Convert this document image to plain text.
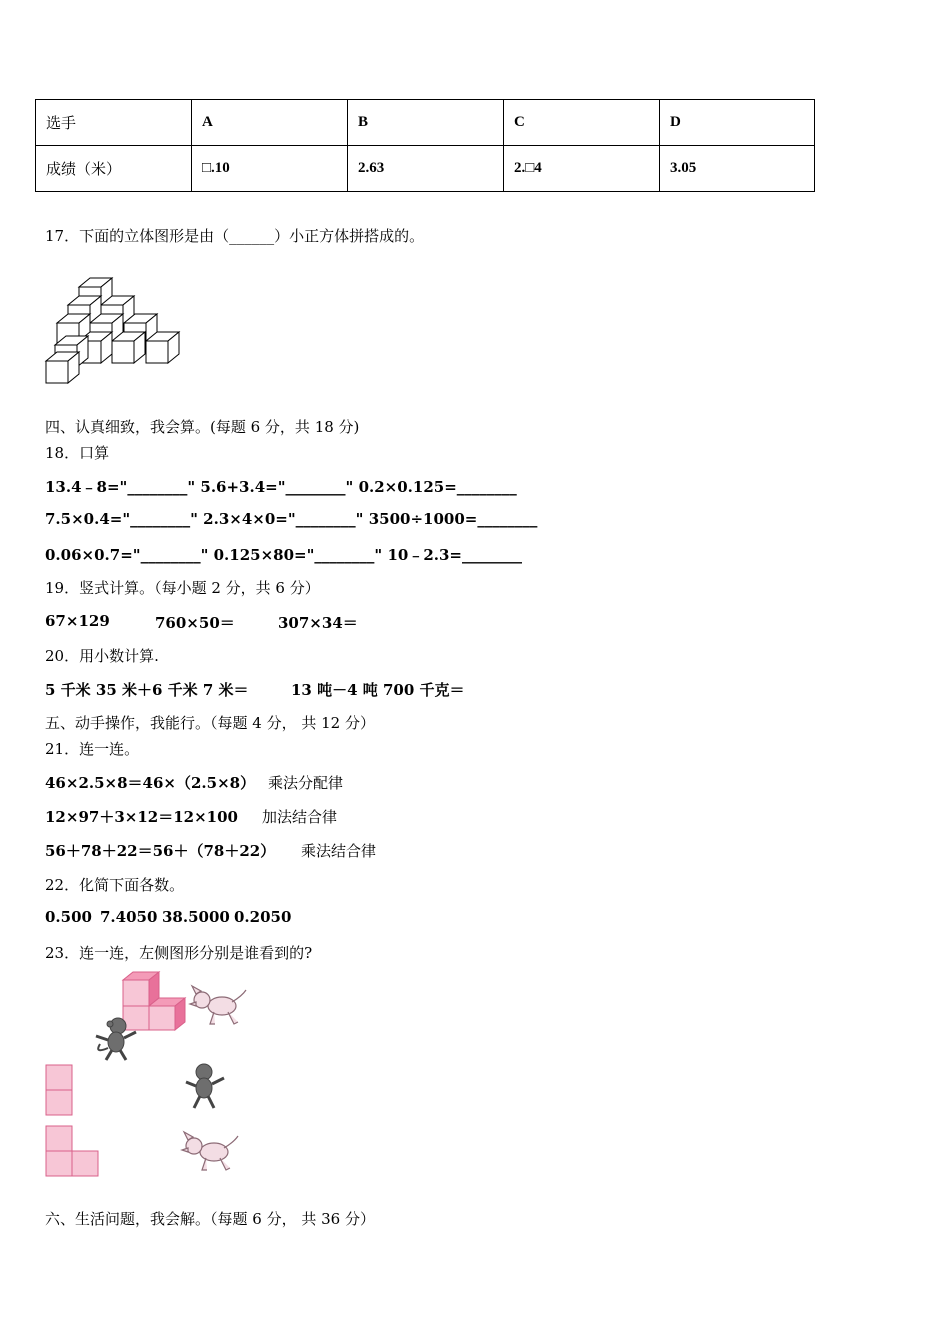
选手	A	B	C	D
成绩（米）	□.10	2.63	2.□4	3.05
17．下面的立体图形是由（______）小正方体拼搭成的。
四、认真细致，我会算。(每题 6 分，共 18 分)
18．口算
13.4﹣8="________" 5.6+3.4="________" 0.2×0.125=________
7.5×0.4="________" 2.3×4×0="________" 3500÷1000=________
0.06×0.7="________" 0.125×80="________" 10﹣2.3=________
19．竖式计算。（每小题 2 分，共 6 分）
67×129	760×50＝	307×34＝
20．用小数计算.
5 千米 35 米＋6 千米 7 米＝	13 吨－4 吨 700 千克＝
五、动手操作，我能行。（每题 4 分， 共 12 分）
21．连一连。
46×2.5×8＝46×（2.5×8） 乘法分配律
12×97＋3×12＝12×100 加法结合律
56＋78＋22＝56＋（78＋22） 乘法结合律
22．化简下面各数。
0.500 7.4050 38.5000 0.2050
23．连一连，左侧图形分别是谁看到的?
六、生活问题，我会解。（每题 6 分， 共 36 分）
